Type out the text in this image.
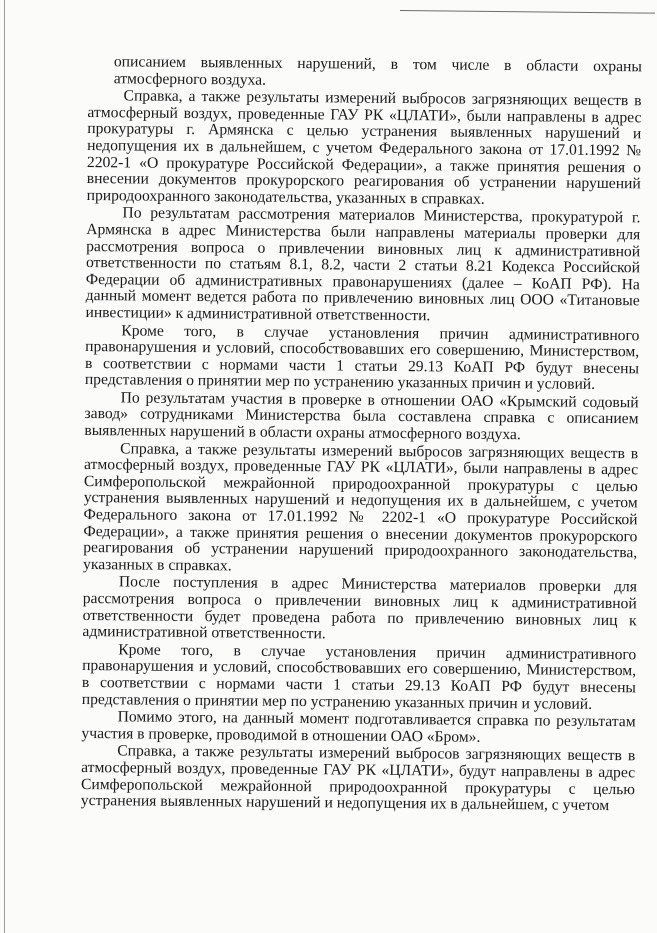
описанием выявленных нарушений, в том числе в области охраны атмосферного воздуха.

Справка, а также результаты измерений выбросов загрязняющих веществ в атмосферный воздух, проведенные ГАУ РК «ЦЛАТИ», были направлены в адрес прокуратуры г. Армянска с целью устранения выявленных нарушений и недопущения их в дальнейшем, с учетом Федерального закона от 17.01.1992 № 2202-1 «О прокуратуре Российской Федерации», а также принятия решения о внесении документов прокурорского реагирования об устранении нарушений природоохранного законодательства, указанных в справках.

По результатам рассмотрения материалов Министерства, прокуратурой г. Армянска в адрес Министерства были направлены материалы проверки для рассмотрения вопроса о привлечении виновных лиц к административной ответственности по статьям 8.1, 8.2, части 2 статьи 8.21 Кодекса Российской Федерации об административных правонарушениях (далее – КоАП РФ). На данный момент ведется работа по привлечению виновных лиц ООО «Титановые инвестиции» к административной ответственности.

Кроме того, в случае установления причин административного правонарушения и условий, способствовавших его совершению, Министерством, в соответствии с нормами части 1 статьи 29.13 КоАП РФ будут внесены представления о принятии мер по устранению указанных причин и условий.

По результатам участия в проверке в отношении ОАО «Крымский содовый завод» сотрудниками Министерства была составлена справка с описанием выявленных нарушений в области охраны атмосферного воздуха.

Справка, а также результаты измерений выбросов загрязняющих веществ в атмосферный воздух, проведенные ГАУ РК «ЦЛАТИ», были направлены в адрес Симферопольской межрайонной природоохранной прокуратуры с целью устранения выявленных нарушений и недопущения их в дальнейшем, с учетом Федерального закона от 17.01.1992 № 2202-1 «О прокуратуре Российской Федерации», а также принятия решения о внесении документов прокурорского реагирования об устранении нарушений природоохранного законодательства, указанных в справках.

После поступления в адрес Министерства материалов проверки для рассмотрения вопроса о привлечении виновных лиц к административной ответственности будет проведена работа по привлечению виновных лиц к административной ответственности.

Кроме того, в случае установления причин административного правонарушения и условий, способствовавших его совершению, Министерством, в соответствии с нормами части 1 статьи 29.13 КоАП РФ будут внесены представления о принятии мер по устранению указанных причин и условий.

Помимо этого, на данный момент подготавливается справка по результатам участия в проверке, проводимой в отношении ОАО «Бром».

Справка, а также результаты измерений выбросов загрязняющих веществ в атмосферный воздух, проведенные ГАУ РК «ЦЛАТИ», будут направлены в адрес Симферопольской межрайонной природоохранной прокуратуры с целью устранения выявленных нарушений и недопущения их в дальнейшем, с учетом
